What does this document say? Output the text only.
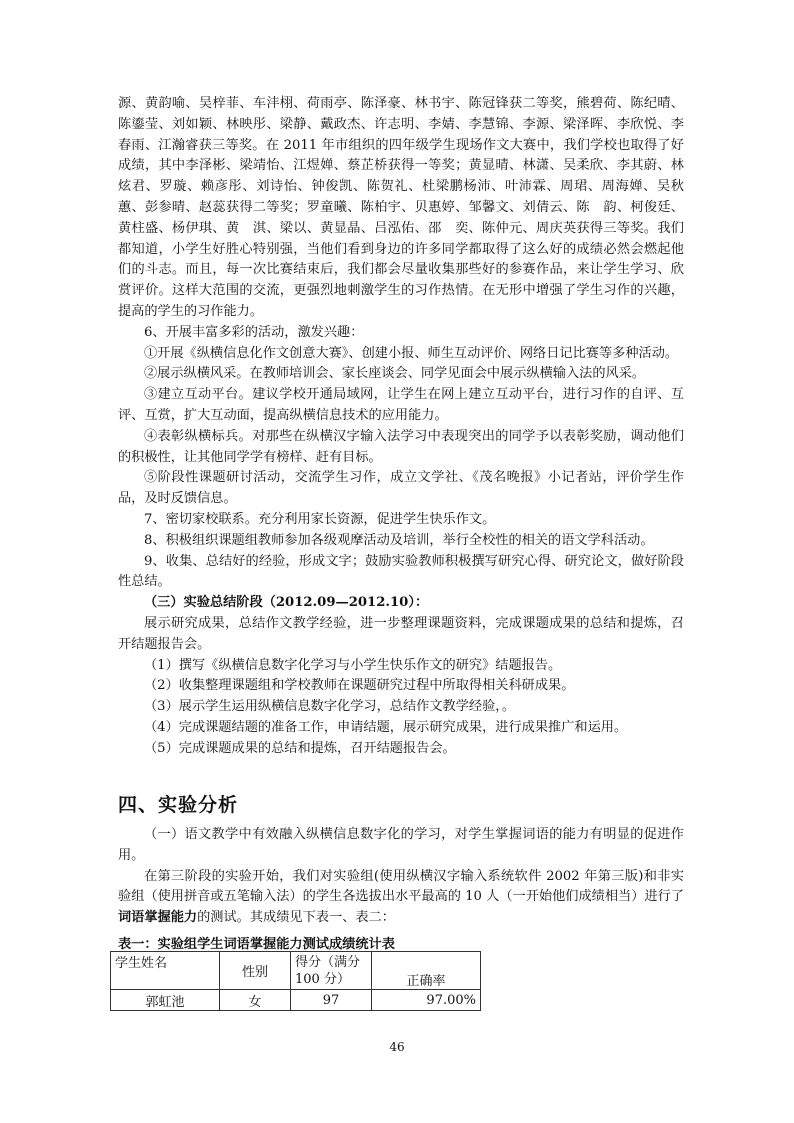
源、黄韵喻、吴梓菲、车沣栩、荷雨亭、陈泽豪、林书宇、陈冠锋获二等奖，熊碧荷、陈纪晴、陈鎏莹、刘如颖、林映彤、梁静、戴政杰、许志明、李婧、李慧锦、李源、梁泽晖、李欣悦、李春雨、江瀚睿获三等奖。在 2011 年市组织的四年级学生现场作文大赛中，我们学校也取得了好成绩，其中李泽彬、梁靖怡、江煜婵、蔡芷桥获得一等奖；黄显晴、林潇、吴柔欣、李其蔚、林炫君、罗璇、赖彦彤、刘诗怡、钟俊凯、陈贺礼、杜梁鹏杨沛、叶沛霖、周珺、周海婵、吴秋蕙、彭参晴、赵蕊获得二等奖；罗童曦、陈柏宇、贝惠婷、邹馨文、刘倩云、陈　韵、柯俊廷、黄柱盛、杨伊琪、黄　淇、梁以、黄显晶、吕泓佑、邵　奕、陈仲元、周庆英获得三等奖。我们都知道，小学生好胜心特别强，当他们看到身边的许多同学都取得了这么好的成绩必然会燃起他们的斗志。而且，每一次比赛结束后，我们都会尽量收集那些好的参赛作品，来让学生学习、欣赏评价。这样大范围的交流，更强烈地刺激学生的习作热情。在无形中增强了学生习作的兴趣，提高的学生的习作能力。

6、开展丰富多彩的活动，激发兴趣：

①开展《纵横信息化作文创意大赛》、创建小报、师生互动评价、网络日记比赛等多种活动。

②展示纵横风采。在教师培训会、家长座谈会、同学见面会中展示纵横输入法的风采。

③建立互动平台。建议学校开通局域网，让学生在网上建立互动平台，进行习作的自评、互评、互赏，扩大互动面，提高纵横信息技术的应用能力。

④表彰纵横标兵。对那些在纵横汉字输入法学习中表现突出的同学予以表彰奖励，调动他们的积极性，让其他同学学有榜样、赶有目标。

⑤阶段性课题研讨活动，交流学生习作，成立文学社、《茂名晚报》小记者站，评价学生作品，及时反馈信息。

7、密切家校联系。充分利用家长资源，促进学生快乐作文。

8、积极组织课题组教师参加各级观摩活动及培训，举行全校性的相关的语文学科活动。

9、收集、总结好的经验，形成文字；鼓励实验教师积极撰写研究心得、研究论文，做好阶段性总结。

（三）实验总结阶段（2012.09—2012.10）：

展示研究成果，总结作文教学经验，进一步整理课题资料，完成课题成果的总结和提炼，召开结题报告会。

（1）撰写《纵横信息数字化学习与小学生快乐作文的研究》结题报告。

（2）收集整理课题组和学校教师在课题研究过程中所取得相关科研成果。

（3）展示学生运用纵横信息数字化学习，总结作文教学经验，。

（4）完成课题结题的准备工作，申请结题，展示研究成果，进行成果推广和运用。

（5）完成课题成果的总结和提炼，召开结题报告会。

四、实验分析

（一）语文教学中有效融入纵横信息数字化的学习，对学生掌握词语的能力有明显的促进作用。

在第三阶段的实验开始，我们对实验组(使用纵横汉字输入系统软件 2002 年第三版)和非实验组（使用拼音或五笔输入法）的学生各选拔出水平最高的 10 人（一开始他们成绩相当）进行了词语掌握能力的测试。其成绩见下表一、表二：

表一：实验组学生词语掌握能力测试成绩统计表
学生姓名	性别	得分（满分 100 分）	正确率
郭虹池	女	97	97.00%
46
